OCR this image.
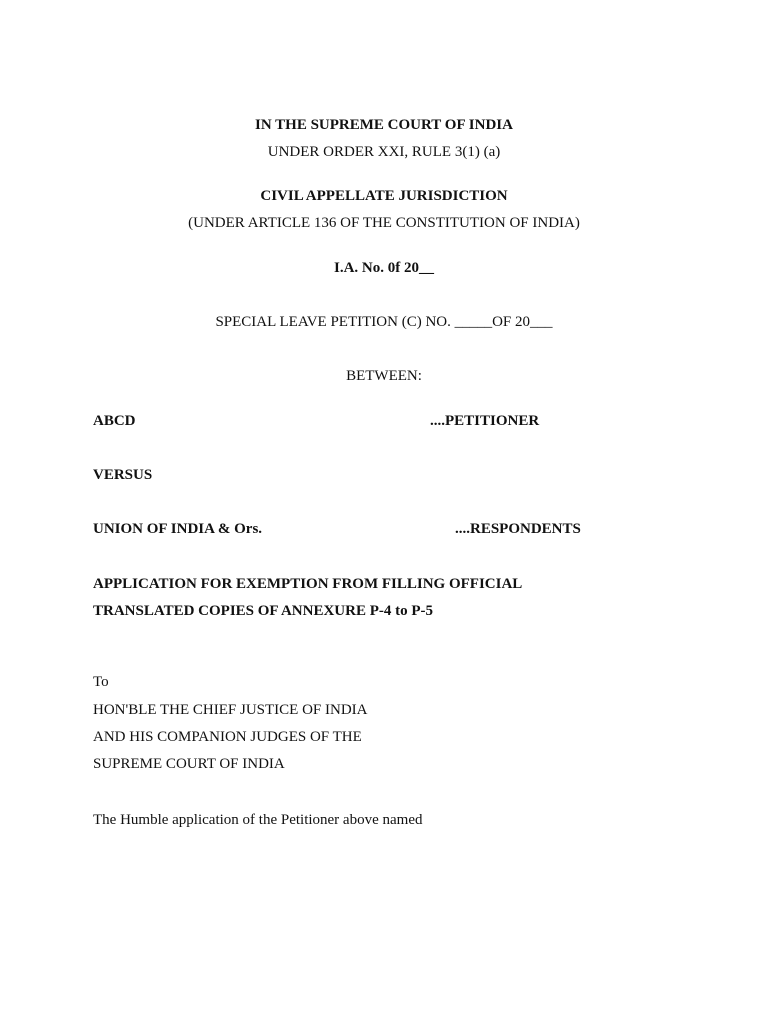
IN THE SUPREME COURT OF INDIA
UNDER ORDER XXI, RULE 3(1) (a)
CIVIL APPELLATE JURISDICTION
(UNDER ARTICLE 136 OF THE CONSTITUTION OF INDIA)
I.A. No. 0f 20__
SPECIAL LEAVE PETITION (C) NO. _____OF 20___
BETWEEN:
ABCD	....PETITIONER
VERSUS
UNION OF INDIA & Ors.	....RESPONDENTS
APPLICATION FOR EXEMPTION FROM FILLING OFFICIAL
TRANSLATED COPIES OF ANNEXURE P-4 to P-5
To
HON'BLE THE CHIEF JUSTICE OF INDIA
AND HIS COMPANION JUDGES OF THE
SUPREME COURT OF INDIA
The Humble application of the Petitioner above named
